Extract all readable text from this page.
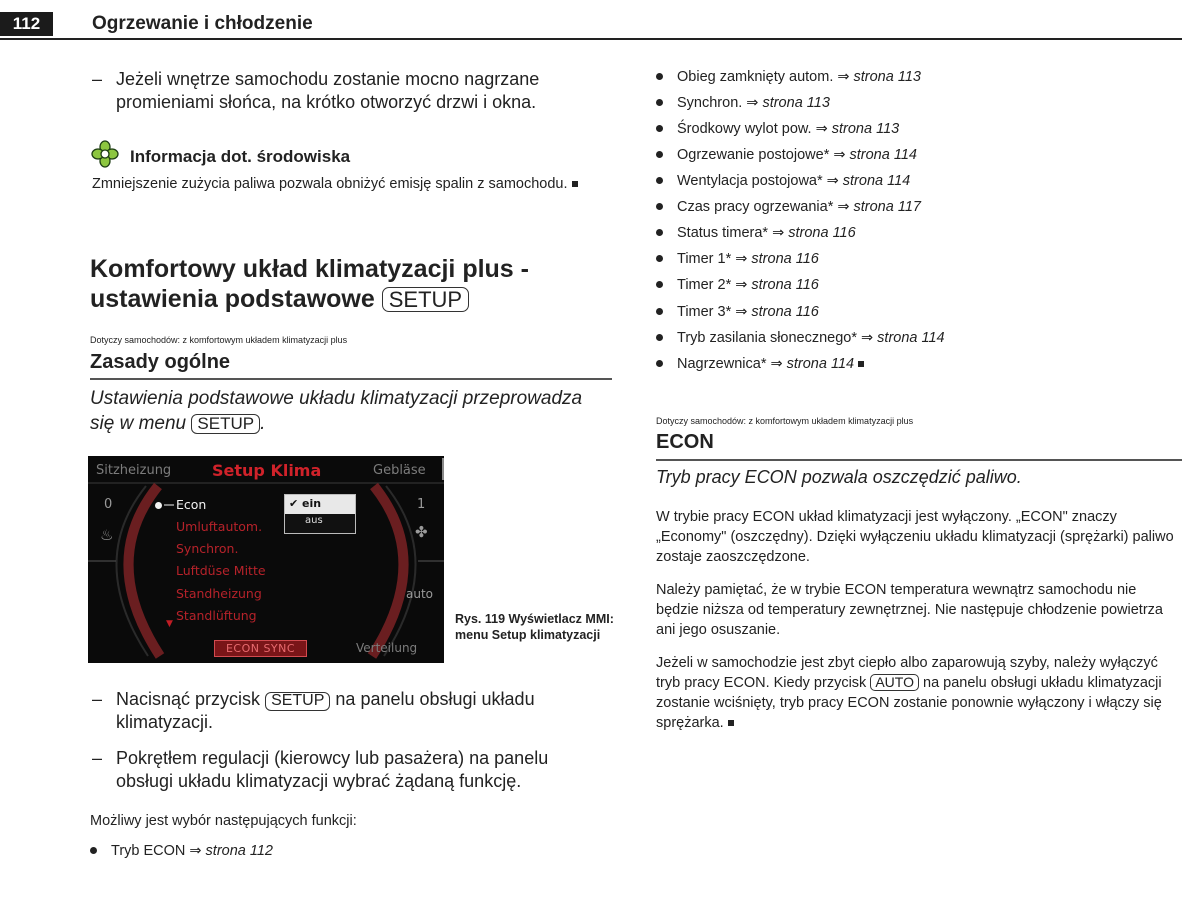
112	Ogrzewanie i chłodzenie
– Jeżeli wnętrze samochodu zostanie mocno nagrzane promieniami słońca, na krótko otworzyć drzwi i okna.
Informacja dot. środowiska
Zmniejszenie zużycia paliwa pozwala obniżyć emisję spalin z samochodu.
Komfortowy układ klimatyzacji plus - ustawienia podstawowe SETUP
Dotyczy samochodów: z komfortowym układem klimatyzacji plus
Zasady ogólne
Ustawienia podstawowe układu klimatyzacji przeprowadza się w menu SETUP .
Sitzheizung	Setup Klima	Gebläse
0	1
♨	✤
auto
Econ
Umluftautom.
Synchron.
Luftdüse Mitte
Standheizung
Standlüftung
▼
✔ ein
aus
ECON SYNC	Verteilung
Rys. 119 Wyświetlacz MMI: menu Setup klimatyzacji
– Nacisnąć przycisk SETUP na panelu obsługi układu klimatyzacji.
– Pokrętłem regulacji (kierowcy lub pasażera) na panelu obsługi układu klimatyzacji wybrać żądaną funkcję.
Możliwy jest wybór następujących funkcji:
Tryb ECON ⇒ strona 112
Obieg zamknięty autom. ⇒ strona 113
Synchron. ⇒ strona 113
Środkowy wylot pow. ⇒ strona 113
Ogrzewanie postojowe* ⇒ strona 114
Wentylacja postojowa* ⇒ strona 114
Czas pracy ogrzewania* ⇒ strona 117
Status timera* ⇒ strona 116
Timer 1* ⇒ strona 116
Timer 2* ⇒ strona 116
Timer 3* ⇒ strona 116
Tryb zasilania słonecznego* ⇒ strona 114
Nagrzewnica* ⇒ strona 114
Dotyczy samochodów: z komfortowym układem klimatyzacji plus
ECON
Tryb pracy ECON pozwala oszczędzić paliwo.
W trybie pracy ECON układ klimatyzacji jest wyłączony. „ECON" znaczy „Economy" (oszczędny). Dzięki wyłączeniu układu klimatyzacji (sprężarki) paliwo zostaje zaoszczędzone.
Należy pamiętać, że w trybie ECON temperatura wewnątrz samochodu nie będzie niższa od temperatury zewnętrznej. Nie następuje chłodzenie powietrza ani jego osuszanie.
Jeżeli w samochodzie jest zbyt ciepło albo zaparowują szyby, należy wyłączyć tryb pracy ECON. Kiedy przycisk AUTO na panelu obsługi układu klimatyzacji zostanie wciśnięty, tryb pracy ECON zostanie ponownie wyłączony i włączy się sprężarka.
